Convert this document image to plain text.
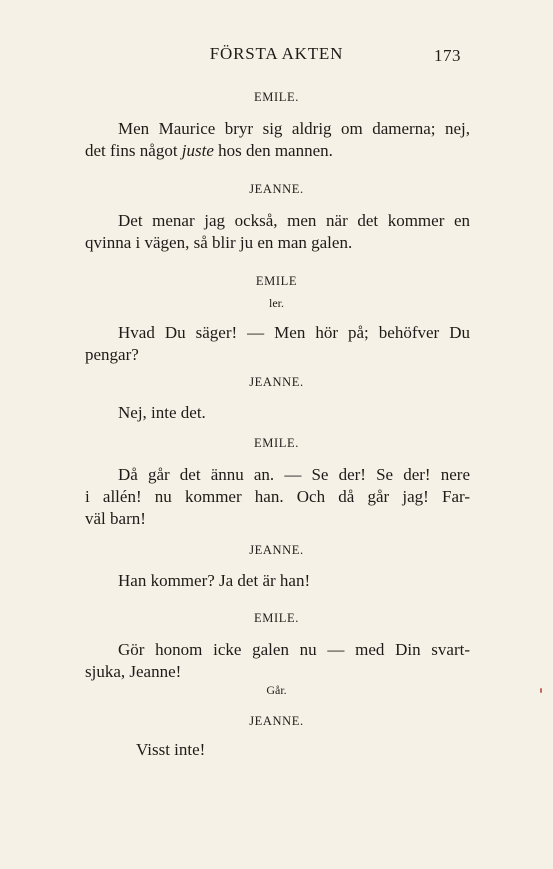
FÖRSTA AKTEN	173
EMILE.
Men Maurice bryr sig aldrig om damerna; nej,
det fins något juste hos den mannen.
JEANNE.
Det menar jag också, men när det kommer en
qvinna i vägen, så blir ju en man galen.
EMILE
ler.
Hvad Du säger! — Men hör på; behöfver Du
pengar?
JEANNE.
Nej, inte det.
EMILE.
Då går det ännu an. — Se der! Se der! nere
i allén! nu kommer han. Och då går jag! Far-
väl barn!
JEANNE.
Han kommer? Ja det är han!
EMILE.
Gör honom icke galen nu — med Din svart-
sjuka, Jeanne!
Går.
JEANNE.
Visst inte!
